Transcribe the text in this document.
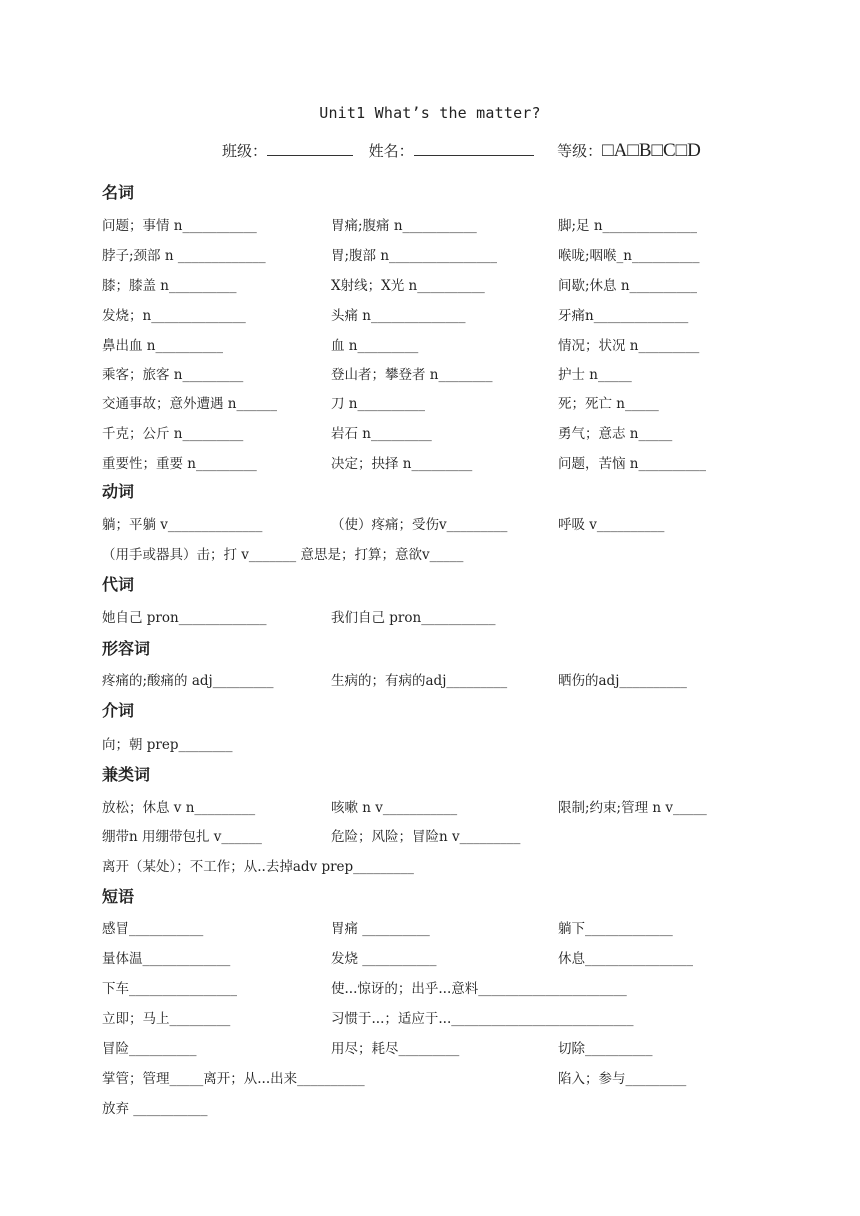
Unit1 What’s the matter?
班级：	姓名：	等级：□A□B□C□D
名词
问题；事情 n___________	胃痛;腹痛 n___________	脚;足 n______________
脖子;颈部 n _____________	胃;腹部 n________________	喉咙;咽喉_n__________
膝；膝盖 n__________	X射线；X光 n__________	间歇;休息 n__________
发烧；n______________	头痛 n______________	牙痛n______________
鼻出血 n__________	血 n_________	情况；状况 n_________
乘客；旅客 n_________	登山者；攀登者 n________	护士 n_____
交通事故；意外遭遇 n______	刀 n__________	死；死亡 n_____
千克；公斤 n_________	岩石 n_________	勇气；意志 n_____
重要性；重要 n_________	决定；抉择 n_________	问题，苦恼 n__________
动词
躺；平躺 v______________	（使）疼痛；受伤v_________	呼吸 v__________
（用手或器具）击；打 v_______ 意思是；打算；意欲v_____
代词
她自己 pron_____________	我们自己 pron___________
形容词
疼痛的;酸痛的 adj_________	生病的；有病的adj_________	晒伤的adj__________
介词
向；朝 prep________
兼类词
放松；休息 v n_________	咳嗽 n v___________	限制;约束;管理 n v_____
绷带n 用绷带包扎 v______	危险；风险；冒险n v_________
离开（某处）；不工作；从..去掉adv prep_________
短语
感冒___________	胃痛 __________	躺下_____________
量体温_____________	发烧 ___________	休息________________
下车________________	使...惊讶的；出乎...意料______________________
立即；马上_________	习惯于...；适应于...___________________________
冒险__________	用尽；耗尽_________	切除__________
掌管；管理_____离开；从...出来__________	陷入；参与_________
放弃 ___________
